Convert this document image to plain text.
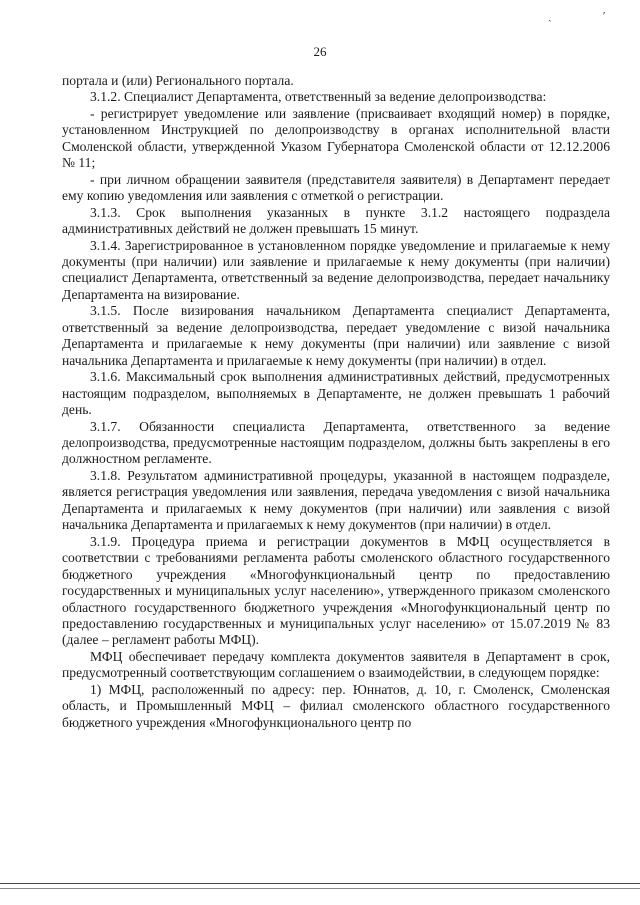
ˏ	ʹ
26

портала и (или) Регионального портала.

3.1.2. Специалист Департамента, ответственный за ведение делопроизводства:

- регистрирует уведомление или заявление (присваивает входящий номер) в порядке, установленном Инструкцией по делопроизводству в органах исполнительной власти Смоленской области, утвержденной Указом Губернатора Смоленской области от 12.12.2006 № 11;

- при личном обращении заявителя (представителя заявителя) в Департамент передает ему копию уведомления или заявления с отметкой о регистрации.

3.1.3. Срок выполнения указанных в пункте 3.1.2 настоящего подраздела административных действий не должен превышать 15 минут.

3.1.4. Зарегистрированное в установленном порядке уведомление и прилагаемые к нему документы (при наличии) или заявление и прилагаемые к нему документы (при наличии) специалист Департамента, ответственный за ведение делопроизводства, передает начальнику Департамента на визирование.

3.1.5. После визирования начальником Департамента специалист Департамента, ответственный за ведение делопроизводства, передает уведомление с визой начальника Департамента и прилагаемые к нему документы (при наличии) или заявление с визой начальника Департамента и прилагаемые к нему документы (при наличии) в отдел.

3.1.6. Максимальный срок выполнения административных действий, предусмотренных настоящим подразделом, выполняемых в Департаменте, не должен превышать 1 рабочий день.

3.1.7. Обязанности специалиста Департамента, ответственного за ведение делопроизводства, предусмотренные настоящим подразделом, должны быть закреплены в его должностном регламенте.

3.1.8. Результатом административной процедуры, указанной в настоящем подразделе, является регистрация уведомления или заявления, передача уведомления с визой начальника Департамента и прилагаемых к нему документов (при наличии) или заявления с визой начальника Департамента и прилагаемых к нему документов (при наличии) в отдел.

3.1.9. Процедура приема и регистрации документов в МФЦ осуществляется в соответствии с требованиями регламента работы смоленского областного государственного бюджетного учреждения «Многофункциональный центр по предоставлению государственных и муниципальных услуг населению», утвержденного приказом смоленского областного государственного бюджетного учреждения «Многофункциональный центр по предоставлению государственных и муниципальных услуг населению» от 15.07.2019 № 83 (далее – регламент работы МФЦ).

МФЦ обеспечивает передачу комплекта документов заявителя в Департамент в срок, предусмотренный соответствующим соглашением о взаимодействии, в следующем порядке:

1) МФЦ, расположенный по адресу: пер. Юннатов, д. 10, г. Смоленск, Смоленская область, и Промышленный МФЦ – филиал смоленского областного государственного бюджетного учреждения «Многофункционального центр по
